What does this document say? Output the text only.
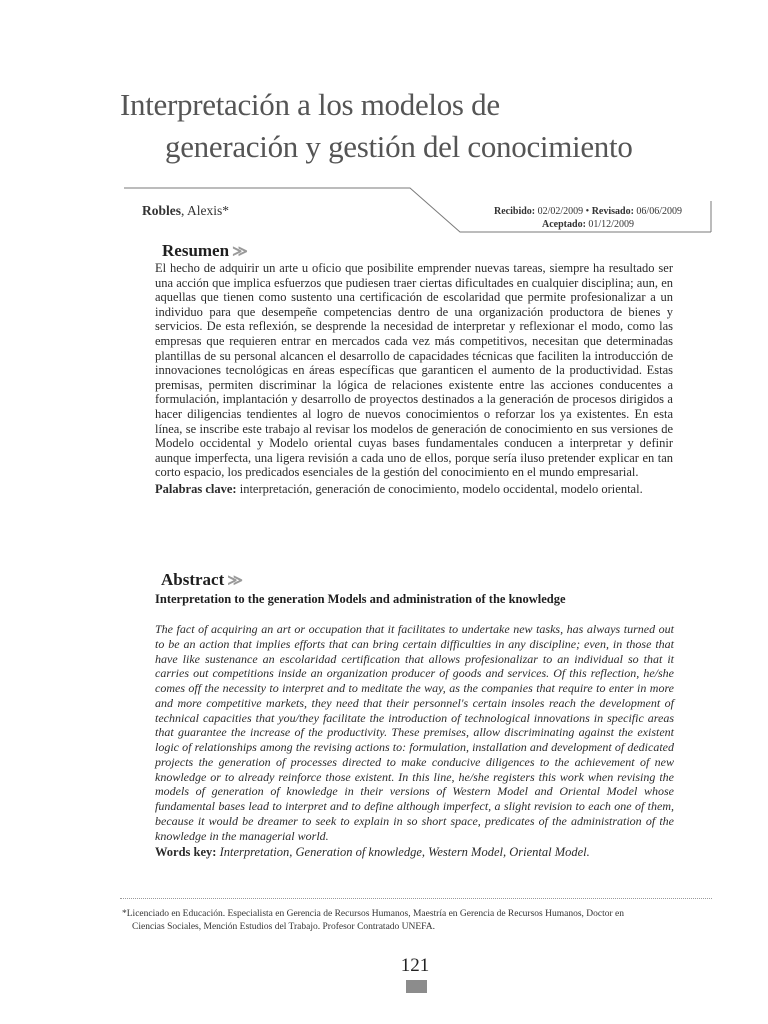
Interpretación a los modelos de
generación y gestión del conocimiento
Robles, Alexis*	Recibido: 02/02/2009 • Revisado: 06/06/2009
Aceptado: 01/12/2009
Resumen ≫

El hecho de adquirir un arte u oficio que posibilite emprender nuevas tareas, siempre ha resultado ser una acción que implica esfuerzos que pudiesen traer ciertas dificultades en cualquier disciplina; aun, en aquellas que tienen como sustento una certificación de escolaridad que permite profesionalizar a un individuo para que desempeñe competencias dentro de una organización productora de bienes y servicios. De esta reflexión, se desprende la necesidad de interpretar y reflexionar el modo, como las empresas que requieren entrar en mercados cada vez más competitivos, necesitan que determinadas plantillas de su personal alcancen el desarrollo de capacidades técnicas que faciliten la introducción de innovaciones tecnológicas en áreas específicas que garanticen el aumento de la productividad. Estas premisas, permiten discriminar la lógica de relaciones existente entre las acciones conducentes a formulación, implantación y desarrollo de proyectos destinados a la generación de procesos dirigidos a hacer diligencias tendientes al logro de nuevos conocimientos o reforzar los ya existentes. En esta línea, se inscribe este trabajo al revisar los modelos de generación de conocimiento en sus versiones de Modelo occidental y Modelo oriental cuyas bases fundamentales conducen a interpretar y definir aunque imperfecta, una ligera revisión a cada uno de ellos, porque sería iluso pretender explicar en tan corto espacio, los predicados esenciales de la gestión del conocimiento en el mundo empresarial.

Palabras clave: interpretación, generación de conocimiento, modelo occidental, modelo oriental.

Abstract ≫
Interpretation to the generation Models and administration of the knowledge

The fact of acquiring an art or occupation that it facilitates to undertake new tasks, has always turned out to be an action that implies efforts that can bring certain difficulties in any discipline; even, in those that have like sustenance an escolaridad certification that allows profesionalizar to an individual so that it carries out competitions inside an organization producer of goods and services. Of this reflection, he/she comes off the necessity to interpret and to meditate the way, as the companies that require to enter in more and more competitive markets, they need that their personnel's certain insoles reach the development of technical capacities that you/they facilitate the introduction of technological innovations in specific areas that guarantee the increase of the productivity. These premises, allow discriminating against the existent logic of relationships among the revising actions to: formulation, installation and development of dedicated projects the generation of processes directed to make conducive diligences to the achievement of new knowledge or to already reinforce those existent. In this line, he/she registers this work when revising the models of generation of knowledge in their versions of Western Model and Oriental Model whose fundamental bases lead to interpret and to define although imperfect, a slight revision to each one of them, because it would be dreamer to seek to explain in so short space, predicates of the administration of the knowledge in the managerial world.

Words key: Interpretation, Generation of knowledge, Western Model, Oriental Model.

*Licenciado en Educación. Especialista en Gerencia de Recursos Humanos, Maestría en Gerencia de Recursos Humanos, Doctor en
Ciencias Sociales, Mención Estudios del Trabajo. Profesor Contratado UNEFA.
121
